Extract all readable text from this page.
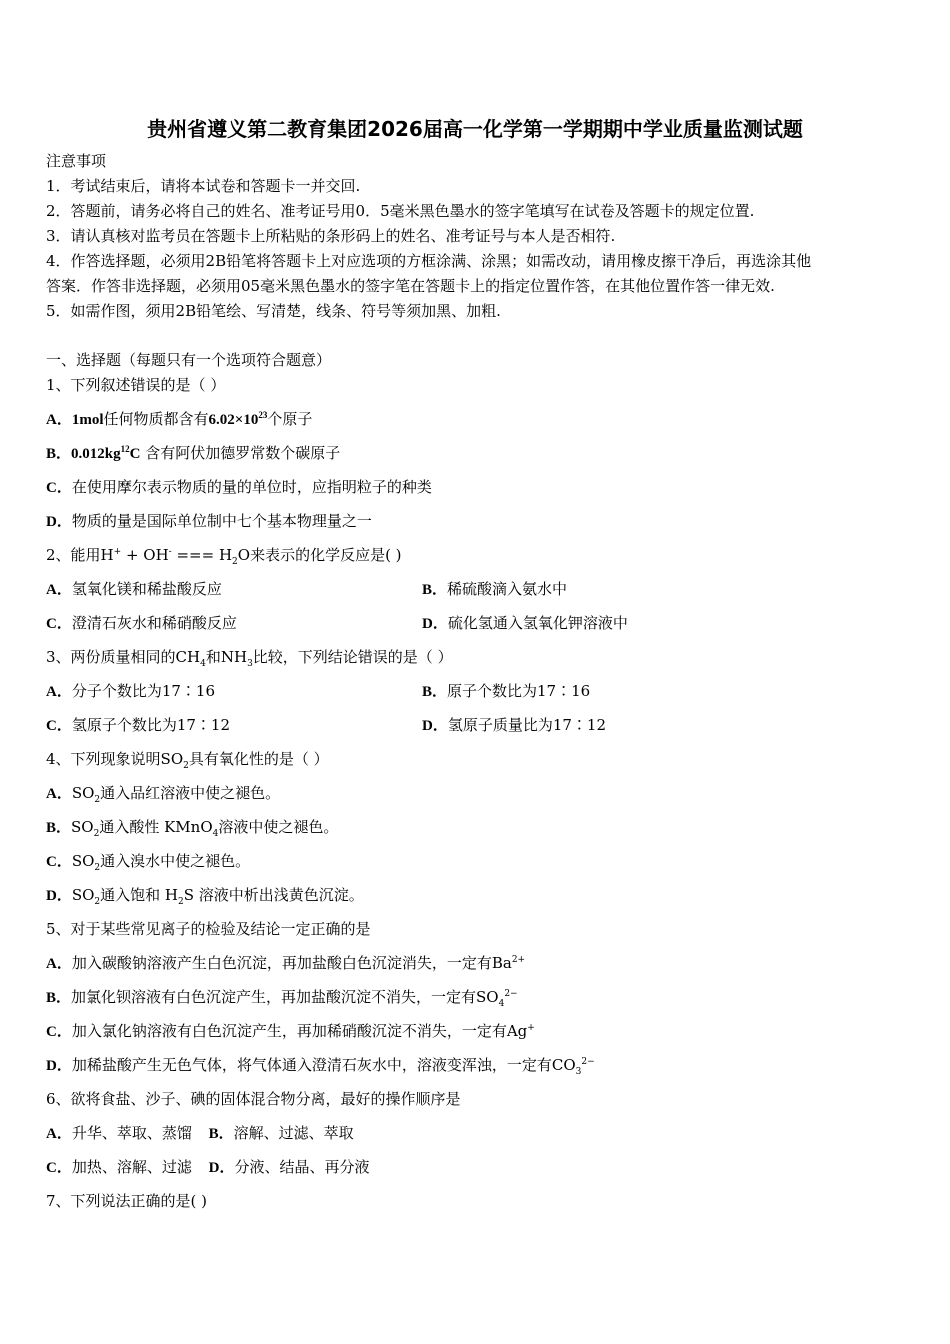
贵州省遵义第二教育集团2026届高一化学第一学期期中学业质量监测试题
注意事项
1．考试结束后，请将本试卷和答题卡一并交回.
2．答题前，请务必将自己的姓名、准考证号用0．5毫米黑色墨水的签字笔填写在试卷及答题卡的规定位置.
3．请认真核对监考员在答题卡上所粘贴的条形码上的姓名、准考证号与本人是否相符.
4．作答选择题，必须用2B铅笔将答题卡上对应选项的方框涂满、涂黑；如需改动，请用橡皮擦干净后，再选涂其他
答案．作答非选择题，必须用05毫米黑色墨水的签字笔在答题卡上的指定位置作答，在其他位置作答一律无效.
5．如需作图，须用2B铅笔绘、写清楚，线条、符号等须加黑、加粗.
一、选择题（每题只有一个选项符合题意）
1、下列叙述错误的是（ ）
A．1mol任何物质都含有$6.02\times 10^{23}$个原子
B．$0.012kg^{12}C$ 含有阿伏加德罗常数个碳原子
C．在使用摩尔表示物质的量的单位时，应指明粒子的种类
D．物质的量是国际单位制中七个基本物理量之一
2、能用H+ + OH- === $H_2O$来表示的化学反应是( )
A．氢氧化镁和稀盐酸反应	B．稀硫酸滴入氨水中
C．澄清石灰水和稀硝酸反应	D．硫化氢通入氢氧化钾溶液中
3、两份质量相同的$CH_4$和$NH_3$比较，下列结论错误的是（ ）
A．分子个数比为17∶16	B．原子个数比为17∶16
C．氢原子个数比为17∶12	D．氢原子质量比为17∶12
4、下列现象说明$SO_2$具有氧化性的是（ ）
A．$SO_2$通入品红溶液中使之褪色。
B．$SO_2$通入酸性 KMnO$_4$溶液中使之褪色。
C．$SO_2$通入溴水中使之褪色。
D．$SO_2$通入饱和 $H_2S$ 溶液中析出浅黄色沉淀。
5、对于某些常见离子的检验及结论一定正确的是
A．加入碳酸钠溶液产生白色沉淀，再加盐酸白色沉淀消失，一定有$Ba^{2+}$
B．加氯化钡溶液有白色沉淀产生，再加盐酸沉淀不消失，一定有$SO_4^{2-}$
C．加入氯化钠溶液有白色沉淀产生，再加稀硝酸沉淀不消失，一定有Ag+
D．加稀盐酸产生无色气体，将气体通入澄清石灰水中，溶液变浑浊，一定有$CO_3^{2-}$
6、欲将食盐、沙子、碘的固体混合物分离，最好的操作顺序是
A．升华、萃取、蒸馏 B．溶解、过滤、萃取
C．加热、溶解、过滤 D．分液、结晶、再分液
7、下列说法正确的是( )
